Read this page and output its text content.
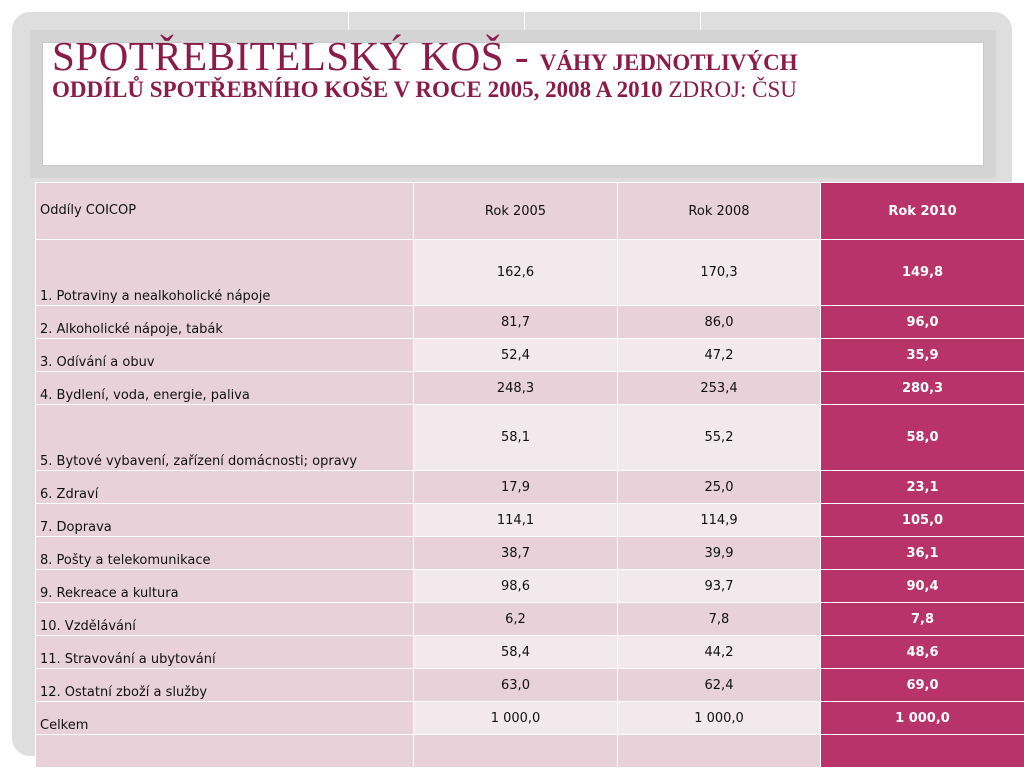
SPOTŘEBITELSKÝ KOŠ - VÁHY JEDNOTLIVÝCH
ODDÍLŮ SPOTŘEBNÍHO KOŠE V ROCE 2005, 2008 A 2010 ZDROJ: ČSU
Oddíly COICOP	Rok 2005	Rok 2008	Rok 2010
1. Potraviny a nealkoholické nápoje	162,6	170,3	149,8
2. Alkoholické nápoje, tabák	81,7	86,0	96,0
3. Odívání a obuv	52,4	47,2	35,9
4. Bydlení, voda, energie, paliva	248,3	253,4	280,3
5. Bytové vybavení, zařízení domácnosti; opravy	58,1	55,2	58,0
6. Zdraví	17,9	25,0	23,1
7. Doprava	114,1	114,9	105,0
8. Pošty a telekomunikace	38,7	39,9	36,1
9. Rekreace a kultura	98,6	93,7	90,4
10. Vzdělávání	6,2	7,8	7,8
11. Stravování a ubytování	58,4	44,2	48,6
12. Ostatní zboží a služby	63,0	62,4	69,0
Celkem	1 000,0	1 000,0	1 000,0
